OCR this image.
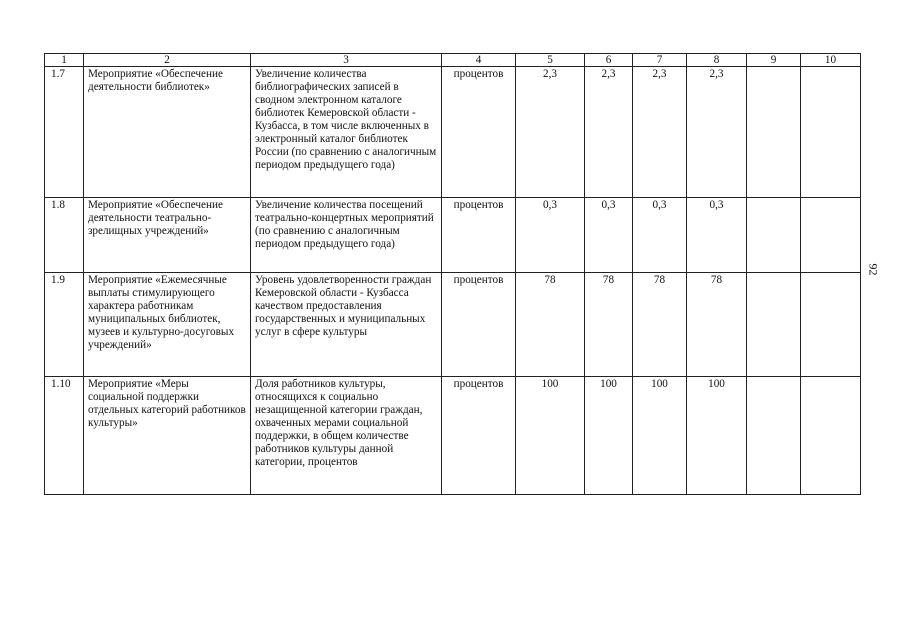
1	2	3	4	5	6	7	8	9	10
1.7	Мероприятие «Обеспечение деятельности библиотек»	Увеличение количества библиографических записей в сводном электронном каталоге библиотек Кемеровской области - Кузбасса, в том числе включенных в электронный каталог библиотек России (по сравнению с аналогичным периодом предыдущего года)	процентов	2,3	2,3	2,3	2,3		
1.8	Мероприятие «Обеспечение деятельности театрально-зрелищных учреждений»	Увеличение количества посещений театрально-концертных мероприятий (по сравнению с аналогичным периодом предыдущего года)	процентов	0,3	0,3	0,3	0,3		
1.9	Мероприятие «Ежемесячные выплаты стимулирующего характера работникам муниципальных библиотек, музеев и культурно-досуговых учреждений»	Уровень удовлетворенности граждан Кемеровской области - Кузбасса качеством предоставления государственных и муниципальных услуг в сфере культуры	процентов	78	78	78	78		
1.10	Мероприятие «Меры социальной поддержки отдельных категорий работников культуры»	Доля работников культуры, относящихся к социально незащищенной категории граждан, охваченных мерами социальной поддержки, в общем количестве работников культуры данной категории, процентов	процентов	100	100	100	100		
92
